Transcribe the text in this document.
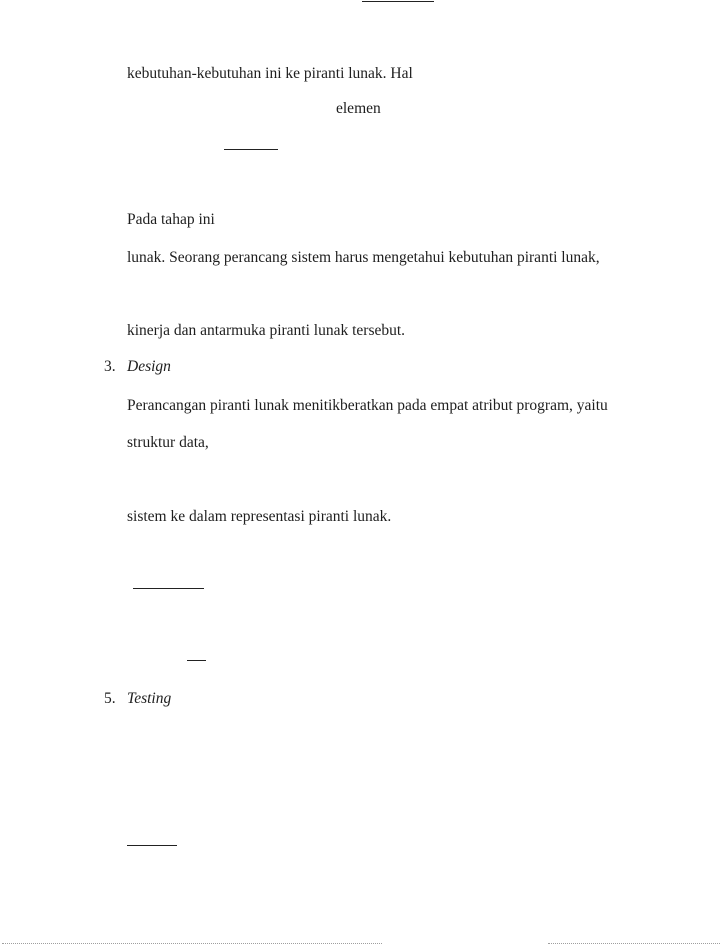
kebutuhan-kebutuhan ini ke piranti lunak. Hal
elemen
Pada tahap ini
lunak. Seorang perancang sistem harus mengetahui kebutuhan piranti lunak,
kinerja dan antarmuka piranti lunak tersebut.
3. Design
Perancangan piranti lunak menitikberatkan pada empat atribut program, yaitu
struktur data,
sistem ke dalam representasi piranti lunak.
5. Testing
